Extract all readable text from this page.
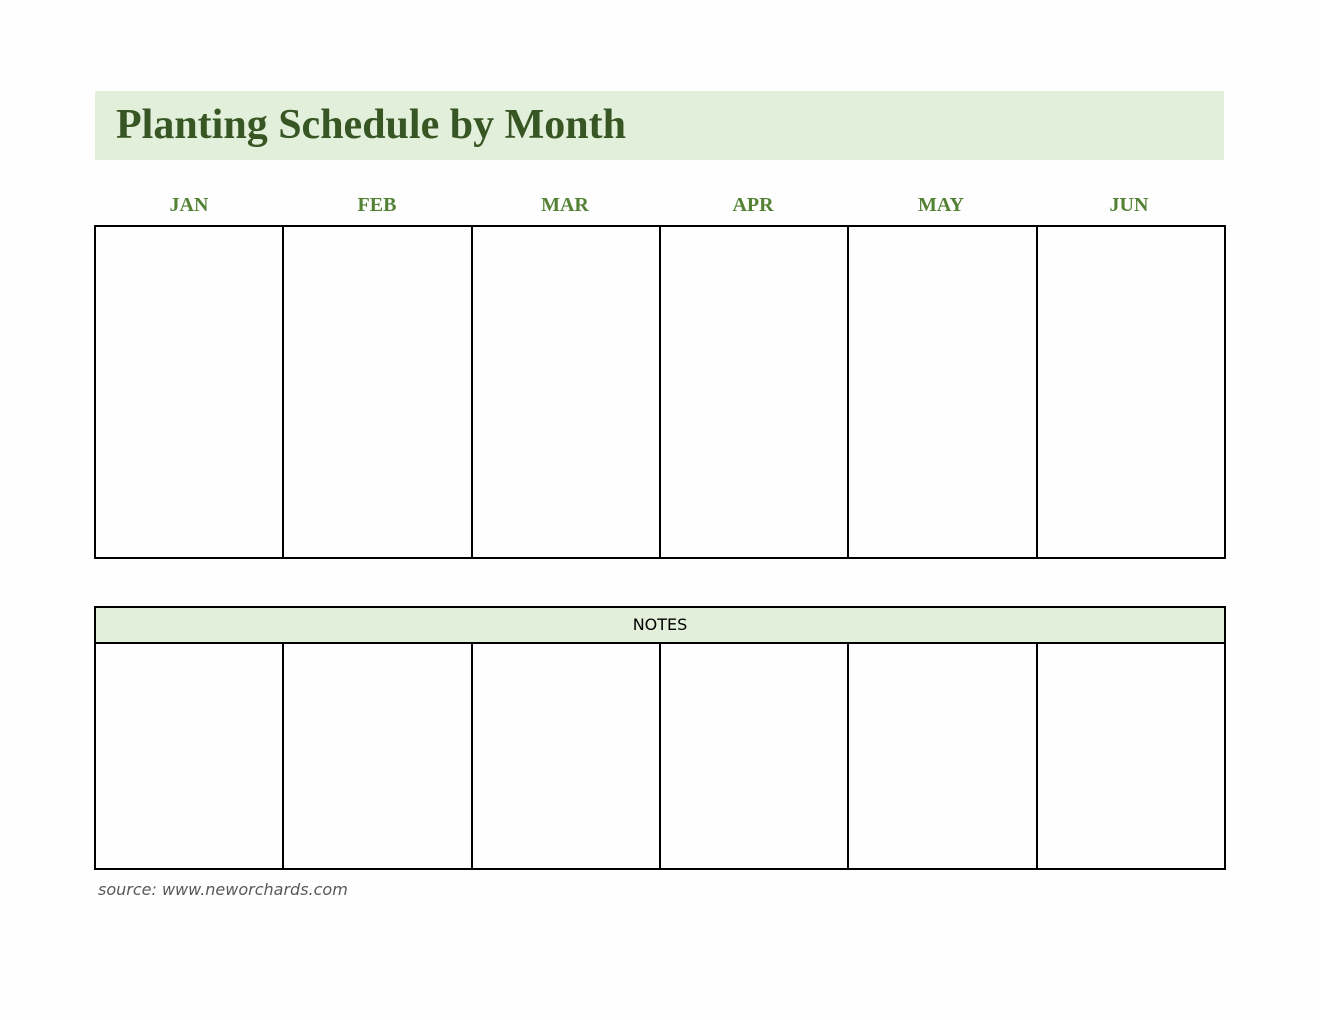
Planting Schedule by Month
JAN	FEB	MAR	APR	MAY	JUN
NOTES
source: www.neworchards.com
